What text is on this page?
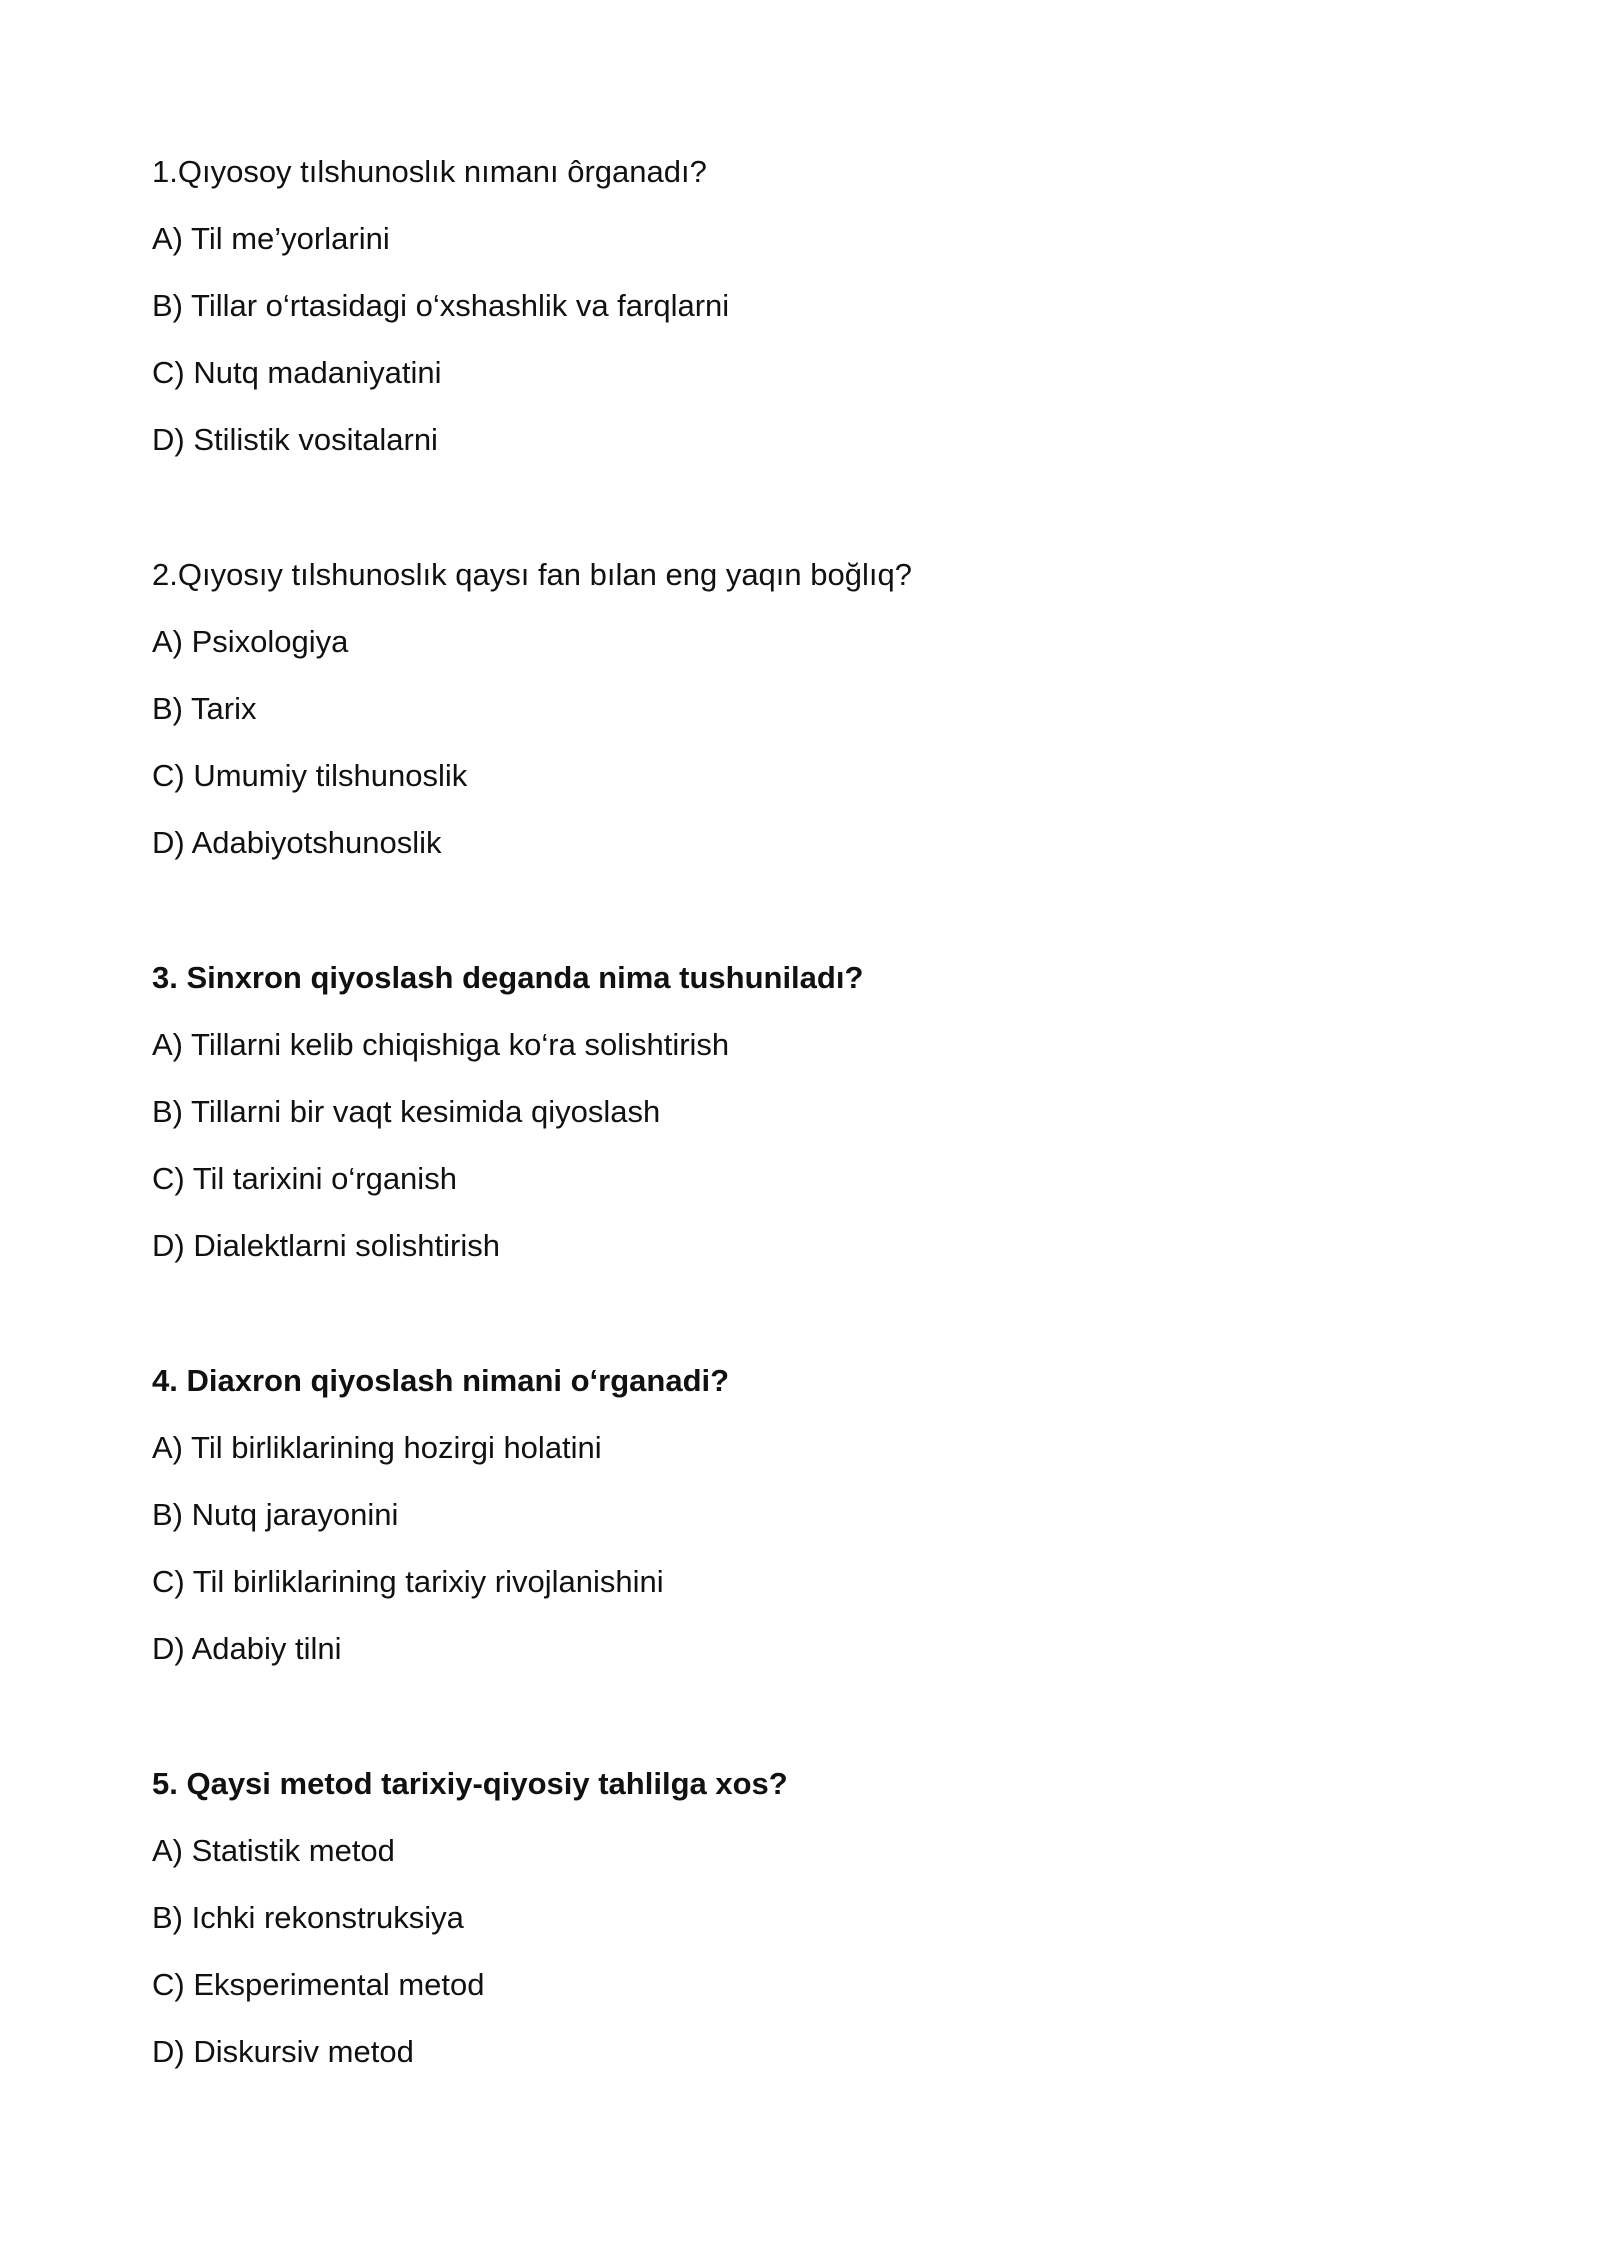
1.Qıyosoy tılshunoslık nımanı ôrganadı?

A) Til me’yorlarini
B) Tillar o‘rtasidagi o‘xshashlik va farqlarni
C) Nutq madaniyatini
D) Stilistik vositalarni

2.Qıyosıy tılshunoslık qaysı fan bılan eng yaqın boğlıq?

A) Psixologiya
B) Tarix
C) Umumiy tilshunoslik
D) Adabiyotshunoslik

3. Sinxron qiyoslash deganda nima tushuniladı?

A) Tillarni kelib chiqishiga ko‘ra solishtirish
B) Tillarni bir vaqt kesimida qiyoslash
C) Til tarixini o‘rganish
D) Dialektlarni solishtirish

4. Diaxron qiyoslash nimani o‘rganadi?

A) Til birliklarining hozirgi holatini
B) Nutq jarayonini
C) Til birliklarining tarixiy rivojlanishini
D) Adabiy tilni

5. Qaysi metod tarixiy-qiyosiy tahlilga xos?

A) Statistik metod
B) Ichki rekonstruksiya
C) Eksperimental metod
D) Diskursiv metod
